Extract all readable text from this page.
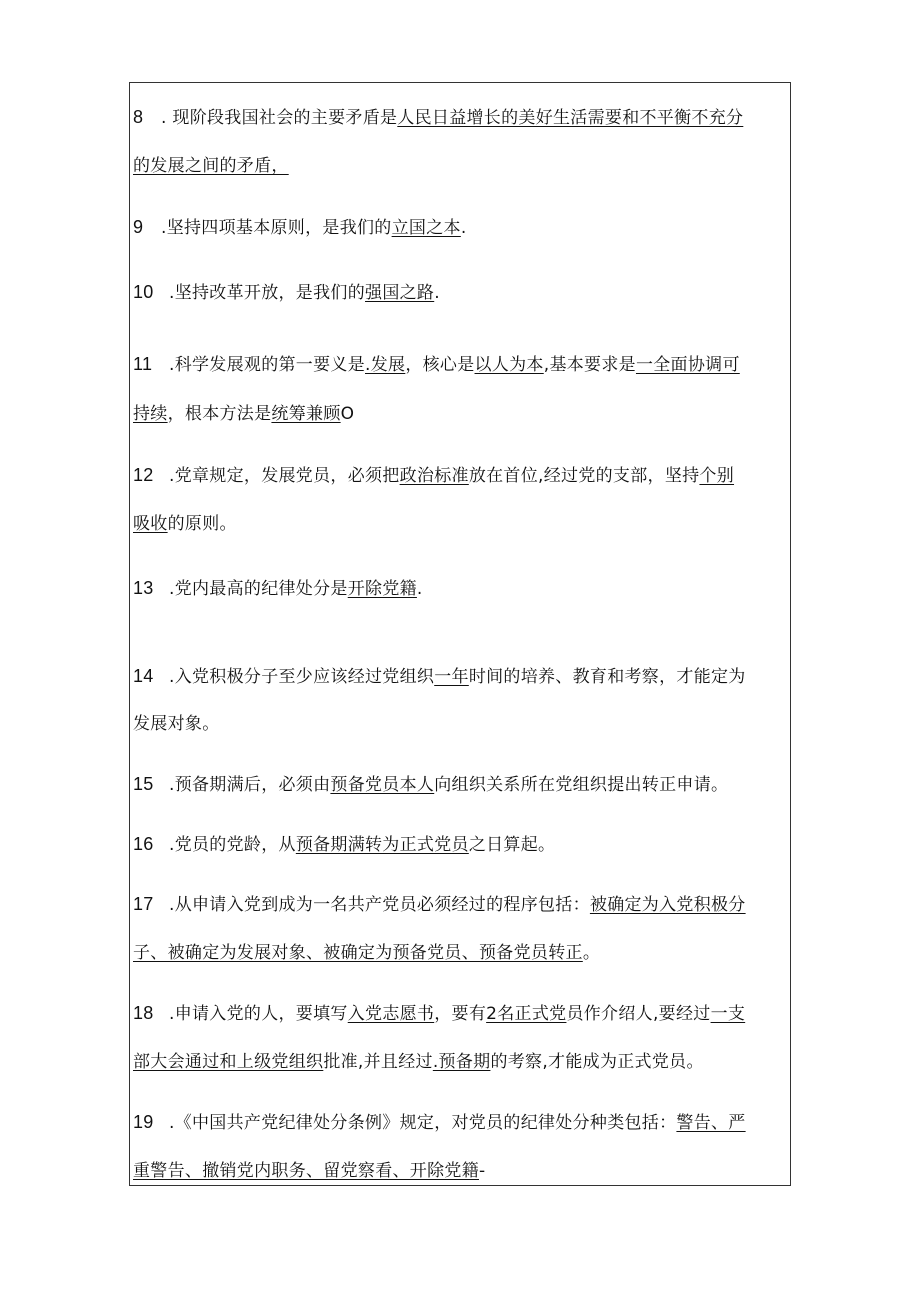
8 . 现阶段我国社会的主要矛盾是人民日益增长的美好生活需要和不平衡不充分
的发展之间的矛盾，
9 .坚持四项基本原则，是我们的立国之本.
10 .坚持改革开放，是我们的强国之路.
11 .科学发展观的第一要义是.发展，核心是以人为本,基本要求是一全面协调可
持续，根本方法是统筹兼顾O
12 .党章规定，发展党员，必须把政治标准放在首位,经过党的支部，坚持个别
吸收的原则。
13 .党内最高的纪律处分是开除党籍.
14 .入党积极分子至少应该经过党组织一年时间的培养、教育和考察，才能定为
发展对象。
15 .预备期满后，必须由预备党员本人向组织关系所在党组织提出转正申请。
16 .党员的党龄，从预备期满转为正式党员之日算起。
17 .从申请入党到成为一名共产党员必须经过的程序包括：被确定为入党积极分
子、被确定为发展对象、被确定为预备党员、预备党员转正。
18 .申请入党的人，要填写入党志愿书，要有2名正式党员作介绍人,要经过一支
部大会通过和上级党组织批准,并且经过.预备期的考察,才能成为正式党员。
19 .《中国共产党纪律处分条例》规定，对党员的纪律处分种类包括：警告、严
重警告、撤销党内职务、留党察看、开除党籍-
